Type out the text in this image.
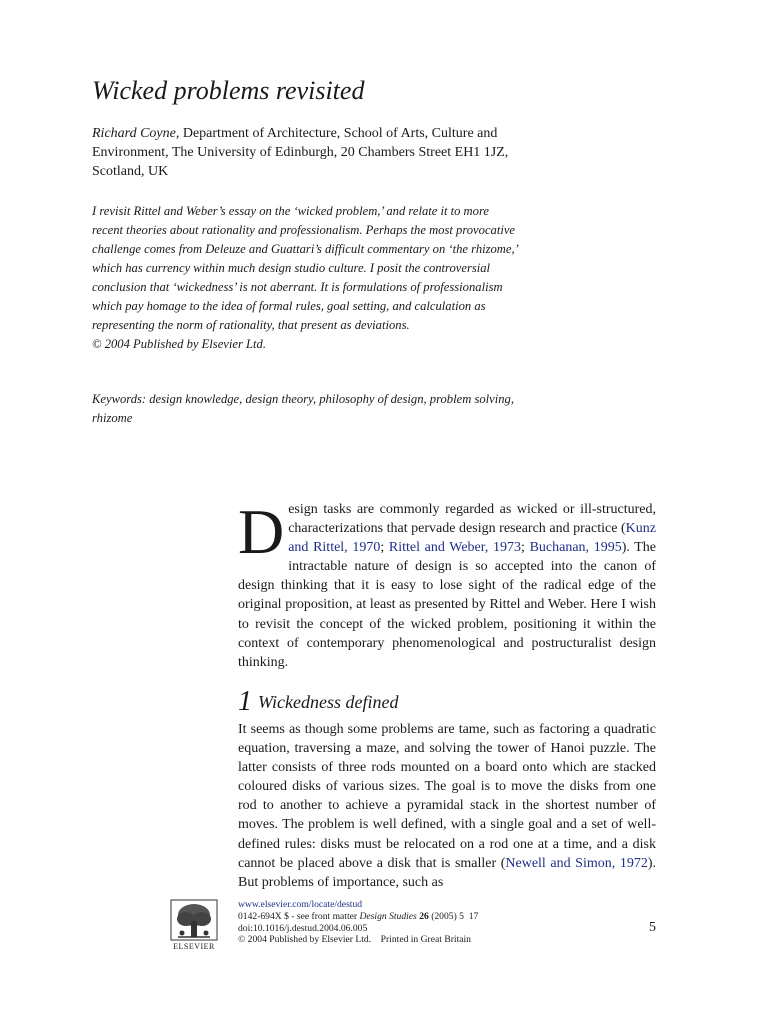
Wicked problems revisited
Richard Coyne, Department of Architecture, School of Arts, Culture and Environment, The University of Edinburgh, 20 Chambers Street EH1 1JZ, Scotland, UK

I revisit Rittel and Weber’s essay on the ‘wicked problem,’ and relate it to more recent theories about rationality and professionalism. Perhaps the most provocative challenge comes from Deleuze and Guattari’s difficult commentary on ‘the rhizome,’ which has currency within much design studio culture. I posit the controversial conclusion that ‘wickedness’ is not aberrant. It is formulations of professionalism which pay homage to the idea of formal rules, goal setting, and calculation as representing the norm of rationality, that present as deviations.

© 2004 Published by Elsevier Ltd.

Keywords: design knowledge, design theory, philosophy of design, problem solving, rhizome
Design tasks are commonly regarded as wicked or ill-structured, characterizations that pervade design research and practice (Kunz and Rittel, 1970; Rittel and Weber, 1973; Buchanan, 1995). The intractable nature of design is so accepted into the canon of design thinking that it is easy to lose sight of the radical edge of the original proposition, at least as presented by Rittel and Weber. Here I wish to revisit the concept of the wicked problem, positioning it within the context of contemporary phenomenological and postructuralist design thinking.
1 Wickedness defined
It seems as though some problems are tame, such as factoring a quadratic equation, traversing a maze, and solving the tower of Hanoi puzzle. The latter consists of three rods mounted on a board onto which are stacked coloured disks of various sizes. The goal is to move the disks from one rod to another to achieve a pyramidal stack in the shortest number of moves. The problem is well defined, with a single goal and a set of well-defined rules: disks must be relocated on a rod one at a time, and a disk cannot be placed above a disk that is smaller (Newell and Simon, 1972). But problems of importance, such as
ELSEVIER
www.elsevier.com/locate/destud
0142-694X $ - see front matter Design Studies 26 (2005) 5 17
doi:10.1016/j.destud.2004.06.005
© 2004 Published by Elsevier Ltd. Printed in Great Britain
5
